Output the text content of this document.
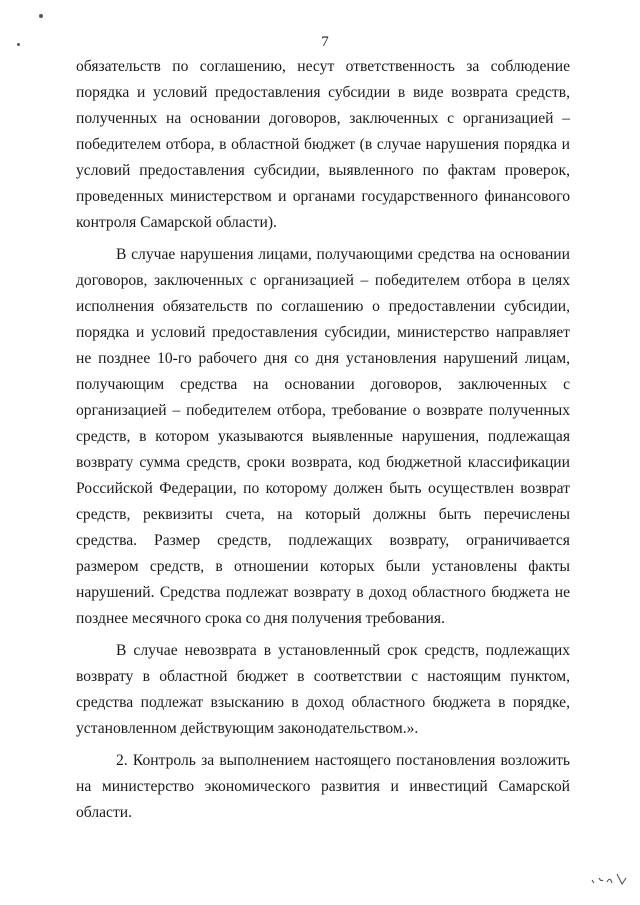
7

обязательств по соглашению, несут ответственность за соблюдение порядка и условий предоставления субсидии в виде возврата средств, полученных на основании договоров, заключенных с организацией – победителем отбора, в областной бюджет (в случае нарушения порядка и условий предоставления субсидии, выявленного по фактам проверок, проведенных министерством и органами государственного финансового контроля Самарской области).

В случае нарушения лицами, получающими средства на основании договоров, заключенных с организацией – победителем отбора в целях исполнения обязательств по соглашению о предоставлении субсидии, порядка и условий предоставления субсидии, министерство направляет не позднее 10-го рабочего дня со дня установления нарушений лицам, получающим средства на основании договоров, заключенных с организацией – победителем отбора, требование о возврате полученных средств, в котором указываются выявленные нарушения, подлежащая возврату сумма средств, сроки возврата, код бюджетной классификации Российской Федерации, по которому должен быть осуществлен возврат средств, реквизиты счета, на который должны быть перечислены средства. Размер средств, подлежащих возврату, ограничивается размером средств, в отношении которых были установлены факты нарушений. Средства подлежат возврату в доход областного бюджета не позднее месячного срока со дня получения требования.

В случае невозврата в установленный срок средств, подлежащих возврату в областной бюджет в соответствии с настоящим пунктом, средства подлежат взысканию в доход областного бюджета в порядке, установленном действующим законодательством.».

2. Контроль за выполнением настоящего постановления возложить на министерство экономического развития и инвестиций Самарской области.
